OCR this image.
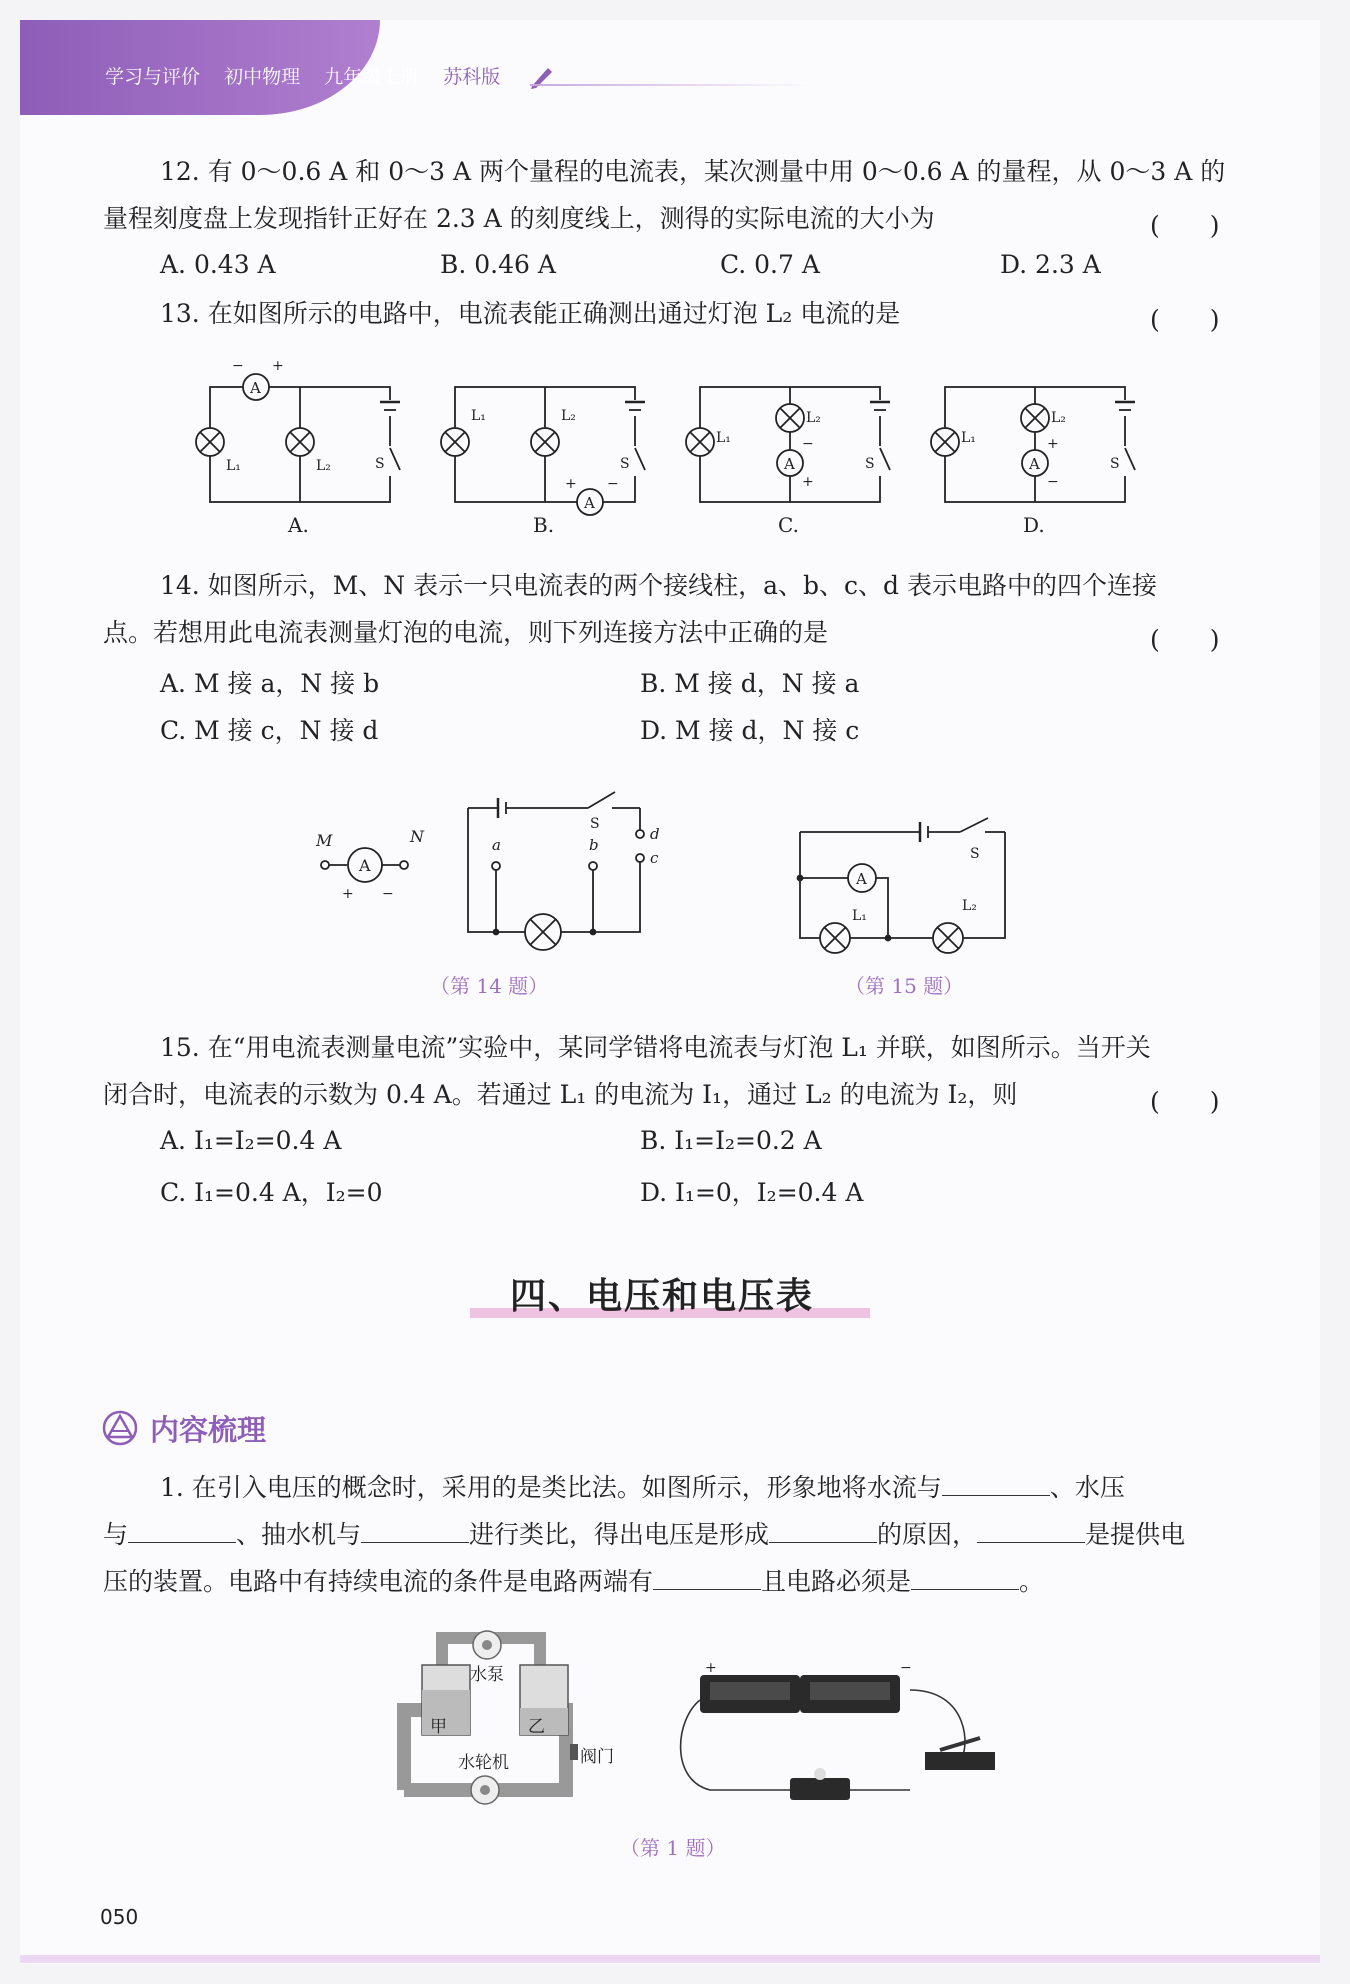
学习与评价 初中物理 九年级上册 苏科版
12. 有 0～0.6 A 和 0～3 A 两个量程的电流表，某次测量中用 0～0.6 A 的量程，从 0～3 A 的
量程刻度盘上发现指针正好在 2.3 A 的刻度线上，测得的实际电流的大小为	(　　)
A. 0.43 A	B. 0.46 A	C. 0.7 A	D. 2.3 A
13. 在如图所示的电路中，电流表能正确测出通过灯泡 L₂ 电流的是	(　　)
A
− +
L₁	L₂	S
A.
L₁	L₂
A
+ −
S
B.
L₁
L₂
A
−
+
S
C.
L₁
L₂
A
+
−
S
D.
14. 如图所示，M、N 表示一只电流表的两个接线柱，a、b、c、d 表示电路中的四个连接
点。若想用此电流表测量灯泡的电流，则下列连接方法中正确的是	(　　)
A. M 接 a，N 接 b	B. M 接 d，N 接 a
C. M 接 c，N 接 d	D. M 接 d，N 接 c
A
M	N
+ −
S
d
c
a	b
（第 14 题）
S
A
L₁
L₂
（第 15 题）
15. 在“用电流表测量电流”实验中，某同学错将电流表与灯泡 L₁ 并联，如图所示。当开关
闭合时，电流表的示数为 0.4 A。若通过 L₁ 的电流为 I₁，通过 L₂ 的电流为 I₂，则	(　　)
A. I₁=I₂=0.4 A	B. I₁=I₂=0.2 A
C. I₁=0.4 A，I₂=0	D. I₁=0，I₂=0.4 A
四、电压和电压表
内容梳理
1. 在引入电压的概念时，采用的是类比法。如图所示，形象地将水流与	、水压
与	、抽水机与	进行类比，得出电压是形成	的原因，	是提供电
压的装置。电路中有持续电流的条件是电路两端有	且电路必须是	。
水泵
甲	乙
水轮机	阀门
+	−
（第 1 题）
050
